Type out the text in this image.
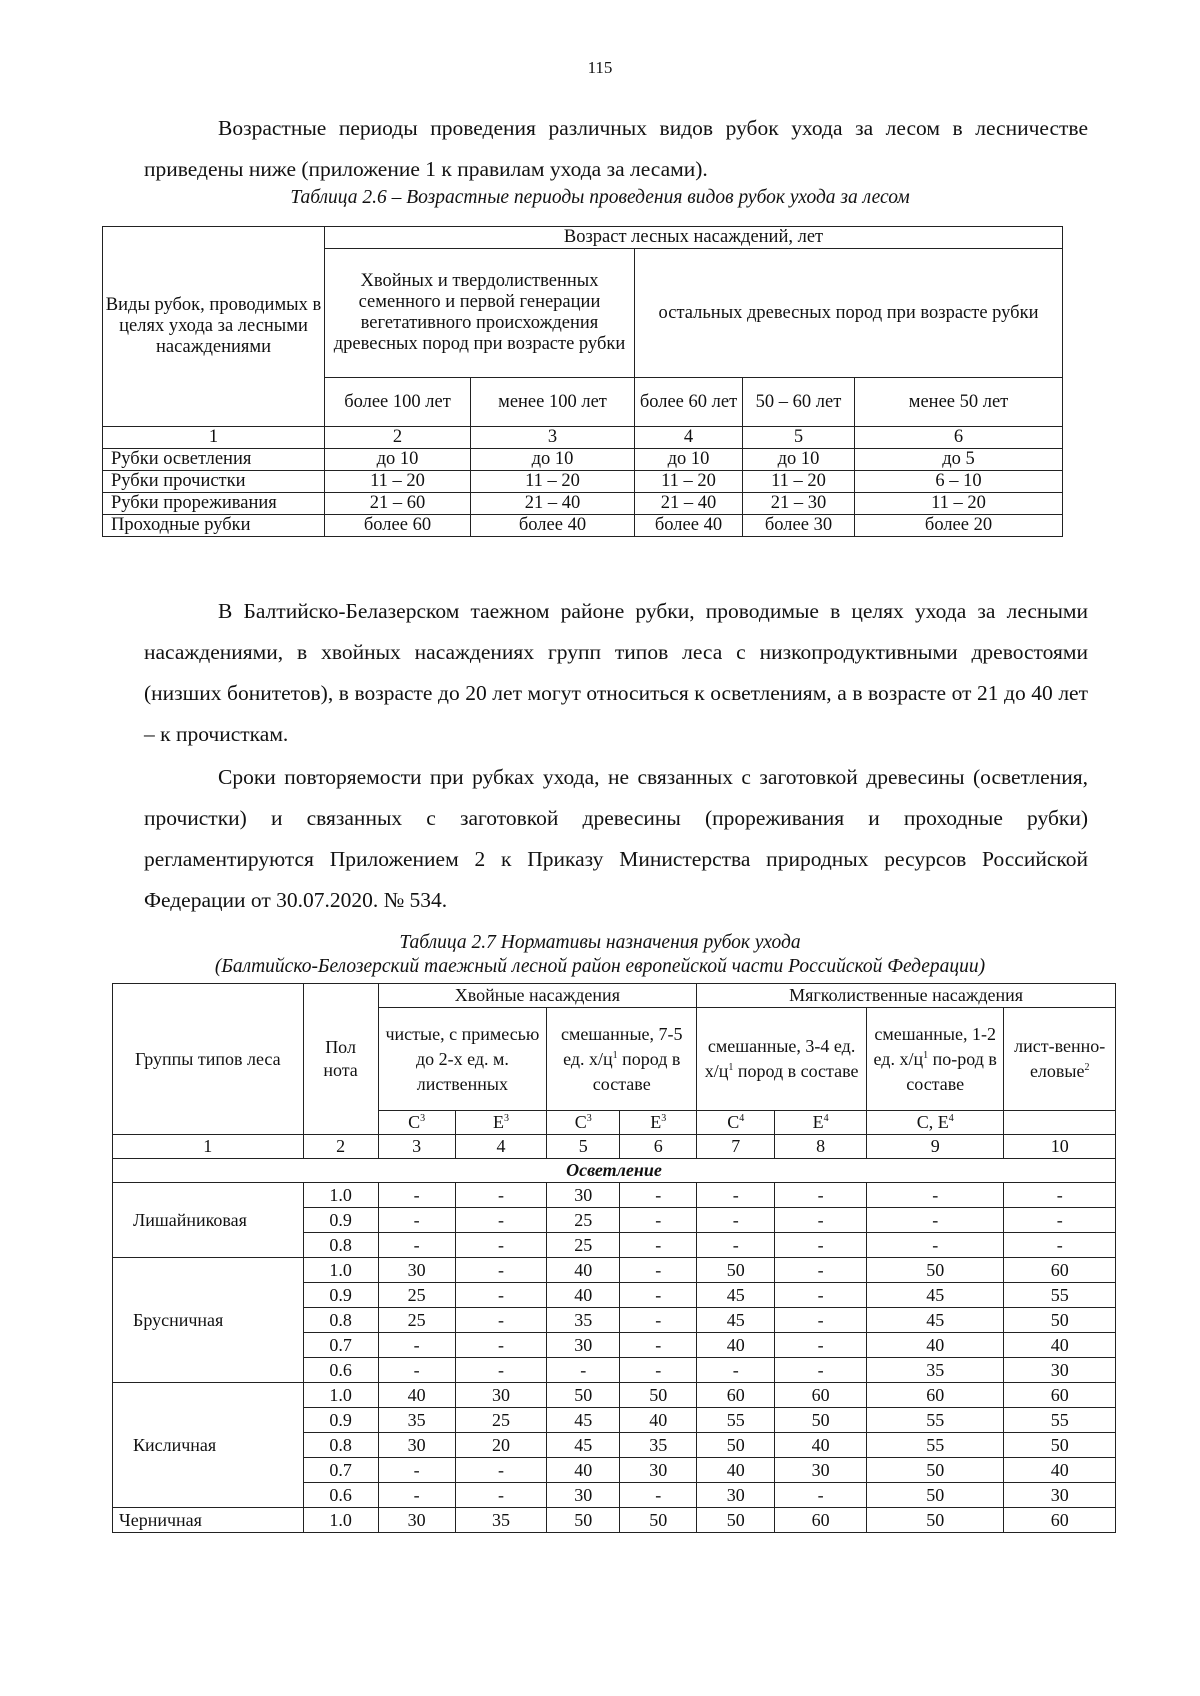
115

Возрастные периоды проведения различных видов рубок ухода за лесом в лесничестве приведены ниже (приложение 1 к правилам ухода за лесами).

Таблица 2.6 – Возрастные периоды проведения видов рубок ухода за лесом

Виды рубок, проводимых в целях ухода за лесными насаждениями	Возраст лесных насаждений, лет				
	Хвойных и твердолиственных семенного и первой генерации вегетативного происхождения древесных пород при возрасте рубки		остальных древесных пород при возрасте рубки		
	более 100 лет	менее 100 лет	более 60 лет	50 – 60 лет	менее 50 лет
1	2	3	4	5	6
Рубки осветления	до 10	до 10	до 10	до 10	до 5
Рубки прочистки	11 – 20	11 – 20	11 – 20	11 – 20	6 – 10
Рубки прореживания	21 – 60	21 – 40	21 – 40	21 – 30	11 – 20
Проходные рубки	более 60	более 40	более 40	более 30	более 20

В Балтийско-Белазерском таежном районе рубки, проводимые в целях ухода за лесными насаждениями, в хвойных насаждениях групп типов леса с низкопродуктивными древостоями (низших бонитетов), в возрасте до 20 лет могут относиться к осветлениям, а в возрасте от 21 до 40 лет – к прочисткам.

Сроки повторяемости при рубках ухода, не связанных с заготовкой древесины (осветления, прочистки) и связанных с заготовкой древесины (прореживания и проходные рубки) регламентируются Приложением 2 к Приказу Министерства природных ресурсов Российской Федерации от 30.07.2020. № 534.

Таблица 2.7 Нормативы назначения рубок ухода
(Балтийско-Белозерский таежный лесной район европейской части Российской Федерации)

Группы типов леса	Пол нота	Хвойные насаждения				Мягколиственные насаждения			
		чистые, с примесью до 2-х ед. м. лиственных		смешанные, 7-5 ед. $х/ц^1$ пород в составе		смешанные, 3-4 ед. $х/ц^1$ пород в составе		смешанные, 1-2 ед. $х/ц^1$ по-род в составе	лист-венно-еловые$^2$
		$С^3$	$Е^3$	$С^3$	$Е^3$	$С^4$	$Е^4$	С, $Е^4$	
1	2	3	4	5	6	7	8	9	10
Осветление									
Лишайниковая	1.0	-	-	30	-	-	-	-	-
	0.9	-	-	25	-	-	-	-	-
	0.8	-	-	25	-	-	-	-	-
Брусничная	1.0	30	-	40	-	50	-	50	60
	0.9	25	-	40	-	45	-	45	55
	0.8	25	-	35	-	45	-	45	50
	0.7	-	-	30	-	40	-	40	40
	0.6	-	-	-	-	-	-	35	30
Кисличная	1.0	40	30	50	50	60	60	60	60
	0.9	35	25	45	40	55	50	55	55
	0.8	30	20	45	35	50	40	55	50
	0.7	-	-	40	30	40	30	50	40
	0.6	-	-	30	-	30	-	50	30
Черничная	1.0	30	35	50	50	50	60	50	60
